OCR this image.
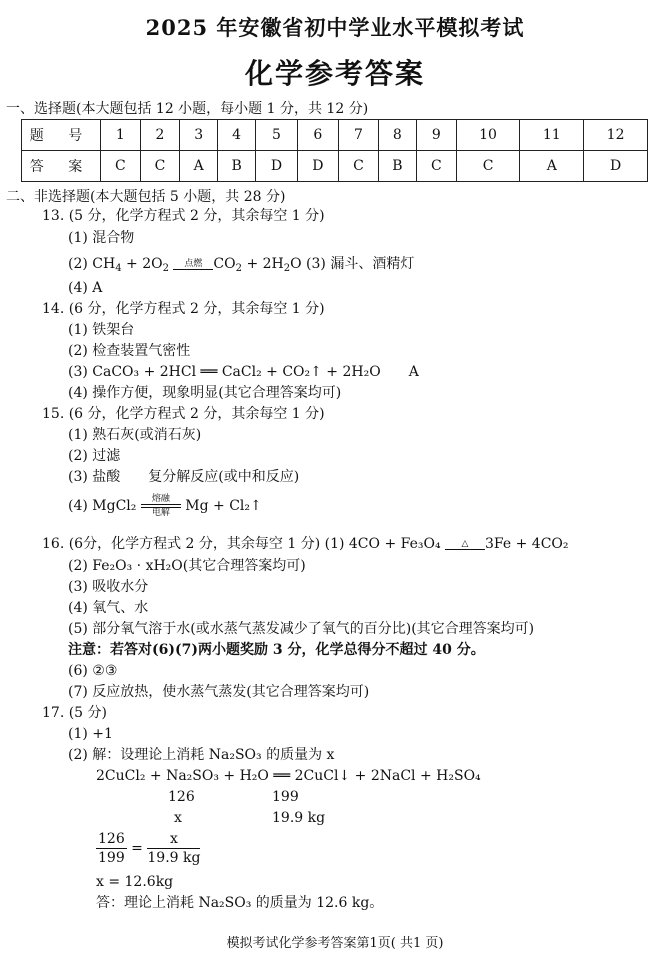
2025 年安徽省初中学业水平模拟考试
化学参考答案
一、选择题(本大题包括 12 小题，每小题 1 分，共 12 分)
题 号	1	2	3	4	5	6	7	8	9	10	11	12
答 案	C	C	A	B	D	D	C	B	C	C	A	D
二、非选择题(本大题包括 5 小题，共 28 分)
13. (5 分，化学方程式 2 分，其余每空 1 分)
(1) 混合物
(2) $CH_4 + 2O_2$	点燃 $CO_2 + 2H_2O$ (3) 漏斗、酒精灯
(4) A
14. (6 分，化学方程式 2 分，其余每空 1 分)
(1) 铁架台
(2) 检查装置气密性
(3) CaCO₃ + 2HCl ══ CaCl₂ + CO₂↑ + 2H₂O　　A
(4) 操作方便，现象明显(其它合理答案均可)
15. (6 分，化学方程式 2 分，其余每空 1 分)
(1) 熟石灰(或消石灰)
(2) 过滤
(3) 盐酸　　复分解反应(或中和反应)
(4) MgCl₂	熔融
电解	Mg + Cl₂↑
16. (6分，化学方程式 2 分，其余每空 1 分) (1) 4CO + Fe₃O₄	△	3Fe + 4CO₂
(2) Fe₂O₃ · xH₂O(其它合理答案均可)
(3) 吸收水分
(4) 氧气、水
(5) 部分氧气溶于水(或水蒸气蒸发减少了氧气的百分比)(其它合理答案均可)
注意：若答对(6)(7)两小题奖励 3 分，化学总得分不超过 40 分。
(6) ②③
(7) 反应放热，使水蒸气蒸发(其它合理答案均可)
17. (5 分)
(1) +1
(2) 解：设理论上消耗 Na₂SO₃ 的质量为 x
2CuCl₂ + Na₂SO₃ + H₂O ══ 2CuCl↓ + 2NaCl + H₂SO₄
126	199
x	19.9 kg
$\frac{126}{199} = \frac{x}{19.9 kg}$
x = 12.6kg
答：理论上消耗 Na₂SO₃ 的质量为 12.6 kg。
模拟考试化学参考答案第1页( 共1 页)
